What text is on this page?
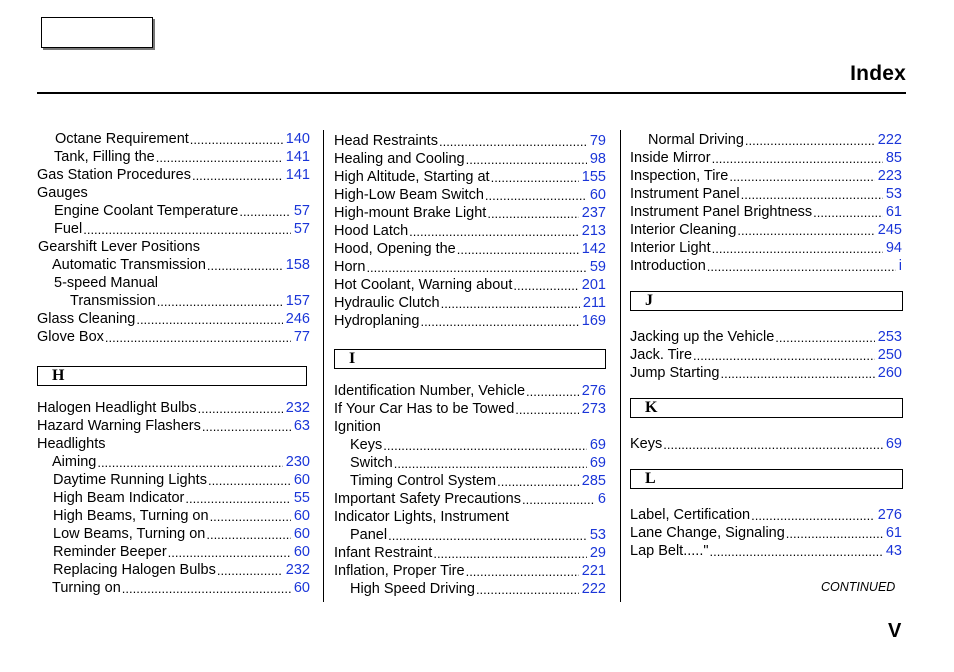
Index
Octane Requirement .....	140
Tank, Filling the .....	141
Gas Station Procedures .....	141
Gauges
Engine Coolant Temperature .....	57
Fuel .....	57
Gearshift Lever Positions
Automatic Transmission .....	158
5-speed Manual
Transmission .....	157
Glass Cleaning .....	246
Glove Box .....	77
H
Halogen Headlight Bulbs .....	232
Hazard Warning Flashers .....	63
Headlights
Aiming .....	230
Daytime Running Lights .....	60
High Beam Indicator .....	55
High Beams, Turning on .....	60
Low Beams, Turning on .....	60
Reminder Beeper .....	60
Replacing Halogen Bulbs .....	232
Turning on .....	60
Head Restraints .....	79
Healing and Cooling .....	98
High Altitude, Starting at .....	155
High-Low Beam Switch .....	60
High-mount Brake Light .....	237
Hood Latch .....	213
Hood, Opening the .....	142
Horn .....	59
Hot Coolant, Warning about .....	201
Hydraulic Clutch .....	211
Hydroplaning .....	169
I
Identification Number, Vehicle .....	276
If Your Car Has to be Towed .....	273
Ignition
Keys .....	69
Switch .....	69
Timing Control System .....	285
Important Safety Precautions .....	6
Indicator Lights, Instrument
Panel .....	53
Infant Restraint .....	29
Inflation, Proper Tire .....	221
High Speed Driving .....	222
Normal Driving .....	222
Inside Mirror .....	85
Inspection, Tire .....	223
Instrument Panel .....	53
Instrument Panel Brightness .....	61
Interior Cleaning .....	245
Interior Light .....	94
Introduction .....	i
J
Jacking up the Vehicle .....	253
Jack. Tire .....	250
Jump Starting .....	260
K
Keys .....	69
L
Label, Certification .....	276
Lane Change, Signaling .....	61
Lap Belt....." .....	43
CONTINUED
V
